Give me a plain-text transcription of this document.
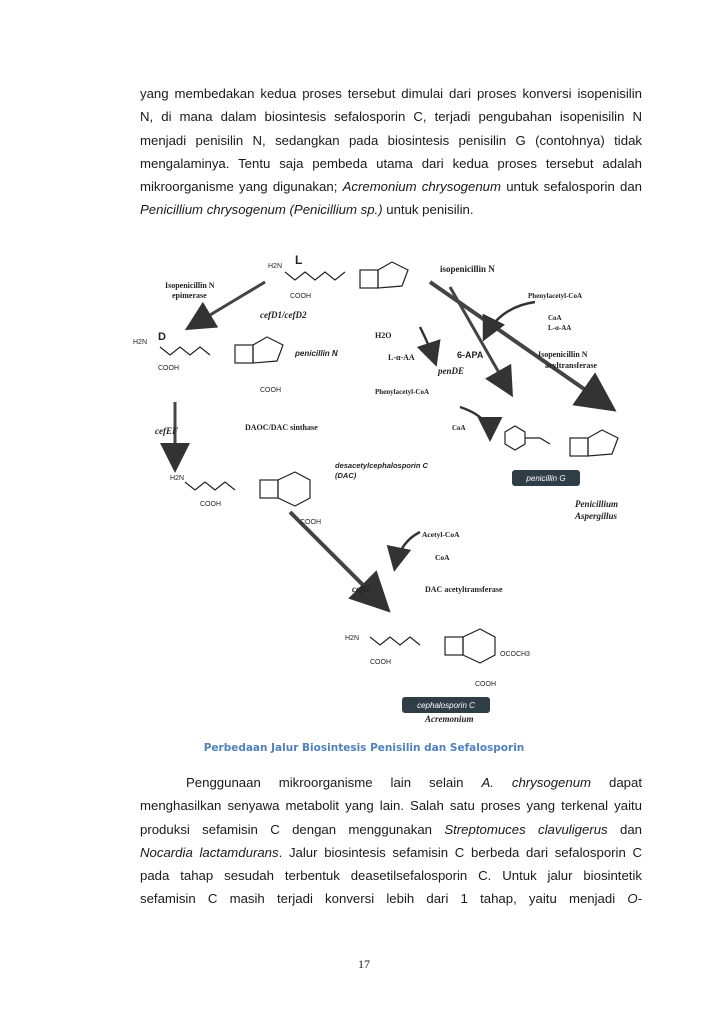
yang membedakan kedua proses tersebut dimulai dari proses konversi isopenisilin
N, di mana dalam biosintesis sefalosporin C, terjadi pengubahan isopenisilin N
menjadi penisilin N, sedangkan pada biosintesis penisilin G (contohnya) tidak
mengalaminya. Tentu saja pembeda utama dari kedua proses tersebut adalah
mikroorganisme yang digunakan; Acremonium chrysogenum untuk sefalosporin dan
Penicillium chrysogenum (Penicillium sp.) untuk penisilin.
L
H2N
COOH
isopenicillin N
Isopenicillin N
epimerase
cefD1/cefD2
D
H2N
COOH
penicillin N
COOH
H2O
L-α-AA	6-APA
penDE
Phenylacetyl-CoA
CoA
L-α-AA
Isopenicillin N
acyltransferase
Phenylacetyl-CoA
CoA
cefEF	DAOC/DAC sinthase
desacetylcephalosporin C
(DAC)
H2N
COOH
COOH
penicillin G
Penicillium
Aspergillus
Acetyl-CoA
CoA
cefG	DAC acetyltransferase
H2N
COOH
COOH
OCOCH3
cephalosporin C
Acremonium
Perbedaan Jalur Biosintesis Penisilin dan Sefalosporin
Penggunaan mikroorganisme lain selain A. chrysogenum dapat
menghasilkan senyawa metabolit yang lain. Salah satu proses yang terkenal yaitu
produksi sefamisin C dengan menggunakan Streptomuces clavuligerus dan
Nocardia lactamdurans. Jalur biosintesis sefamisin C berbeda dari sefalosporin C
pada tahap sesudah terbentuk deasetilsefalosporin C. Untuk jalur biosintetik
sefamisin C masih terjadi konversi lebih dari 1 tahap, yaitu menjadi O-
17
